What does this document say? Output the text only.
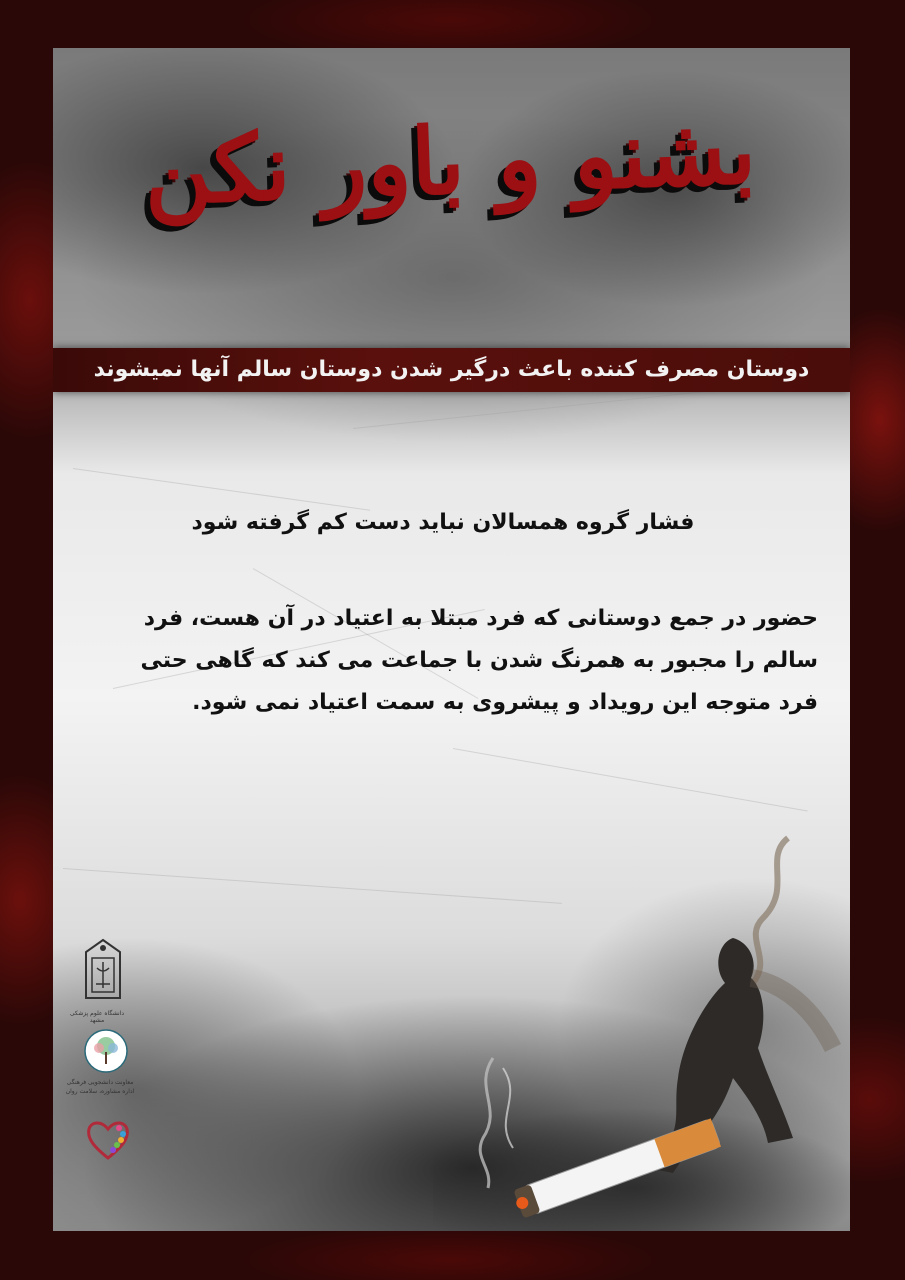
بشنو و باور نکن
دوستان مصرف کننده باعث درگیر شدن دوستان سالم آنها نمیشوند
فشار گروه همسالان نباید دست کم گرفته شود
حضور در جمع دوستانی که فرد مبتلا به اعتیاد در آن هست، فرد سالم را مجبور به همرنگ شدن با جماعت می کند که گاهی حتی فرد متوجه این رویداد و پیشروی به سمت اعتیاد نمی شود.
دانشگاه علوم پزشکی مشهد
معاونت دانشجویی فرهنگی اداره مشاوره، سلامت روان
